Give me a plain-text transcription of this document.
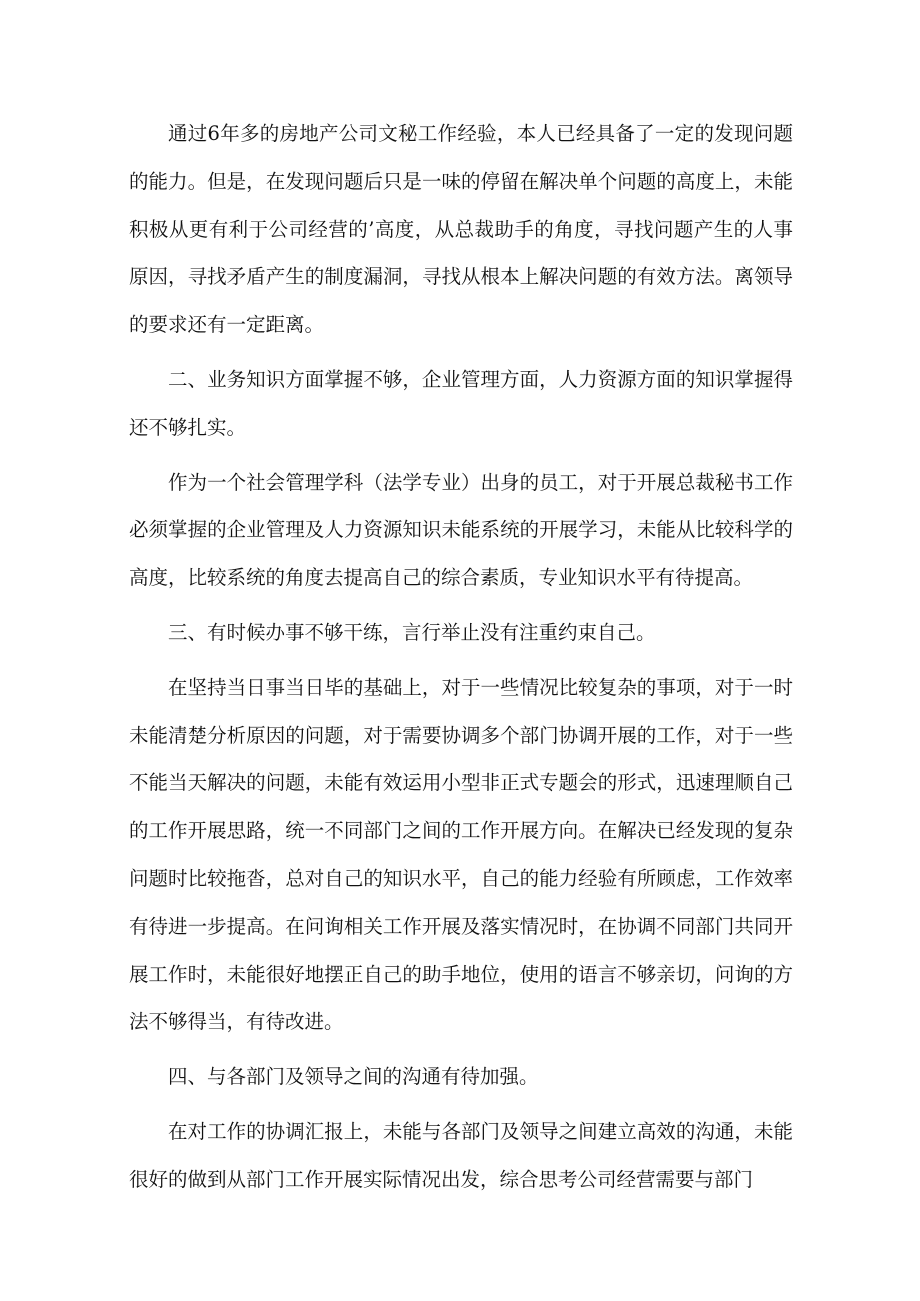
通过6年多的房地产公司文秘工作经验，本人已经具备了一定的发现问题的能力。但是，在发现问题后只是一味的停留在解决单个问题的高度上，未能积极从更有利于公司经营的’高度，从总裁助手的角度，寻找问题产生的人事原因，寻找矛盾产生的制度漏洞，寻找从根本上解决问题的有效方法。离领导的要求还有一定距离。

二、业务知识方面掌握不够，企业管理方面，人力资源方面的知识掌握得还不够扎实。

作为一个社会管理学科（法学专业）出身的员工，对于开展总裁秘书工作必须掌握的企业管理及人力资源知识未能系统的开展学习，未能从比较科学的高度，比较系统的角度去提高自己的综合素质，专业知识水平有待提高。

三、有时候办事不够干练，言行举止没有注重约束自己。

在坚持当日事当日毕的基础上，对于一些情况比较复杂的事项，对于一时未能清楚分析原因的问题，对于需要协调多个部门协调开展的工作，对于一些不能当天解决的问题，未能有效运用小型非正式专题会的形式，迅速理顺自己的工作开展思路，统一不同部门之间的工作开展方向。在解决已经发现的复杂问题时比较拖沓，总对自己的知识水平，自己的能力经验有所顾虑，工作效率有待进一步提高。在问询相关工作开展及落实情况时，在协调不同部门共同开展工作时，未能很好地摆正自己的助手地位，使用的语言不够亲切，问询的方法不够得当，有待改进。

四、与各部门及领导之间的沟通有待加强。

在对工作的协调汇报上，未能与各部门及领导之间建立高效的沟通，未能很好的做到从部门工作开展实际情况出发，综合思考公司经营需要与部门
